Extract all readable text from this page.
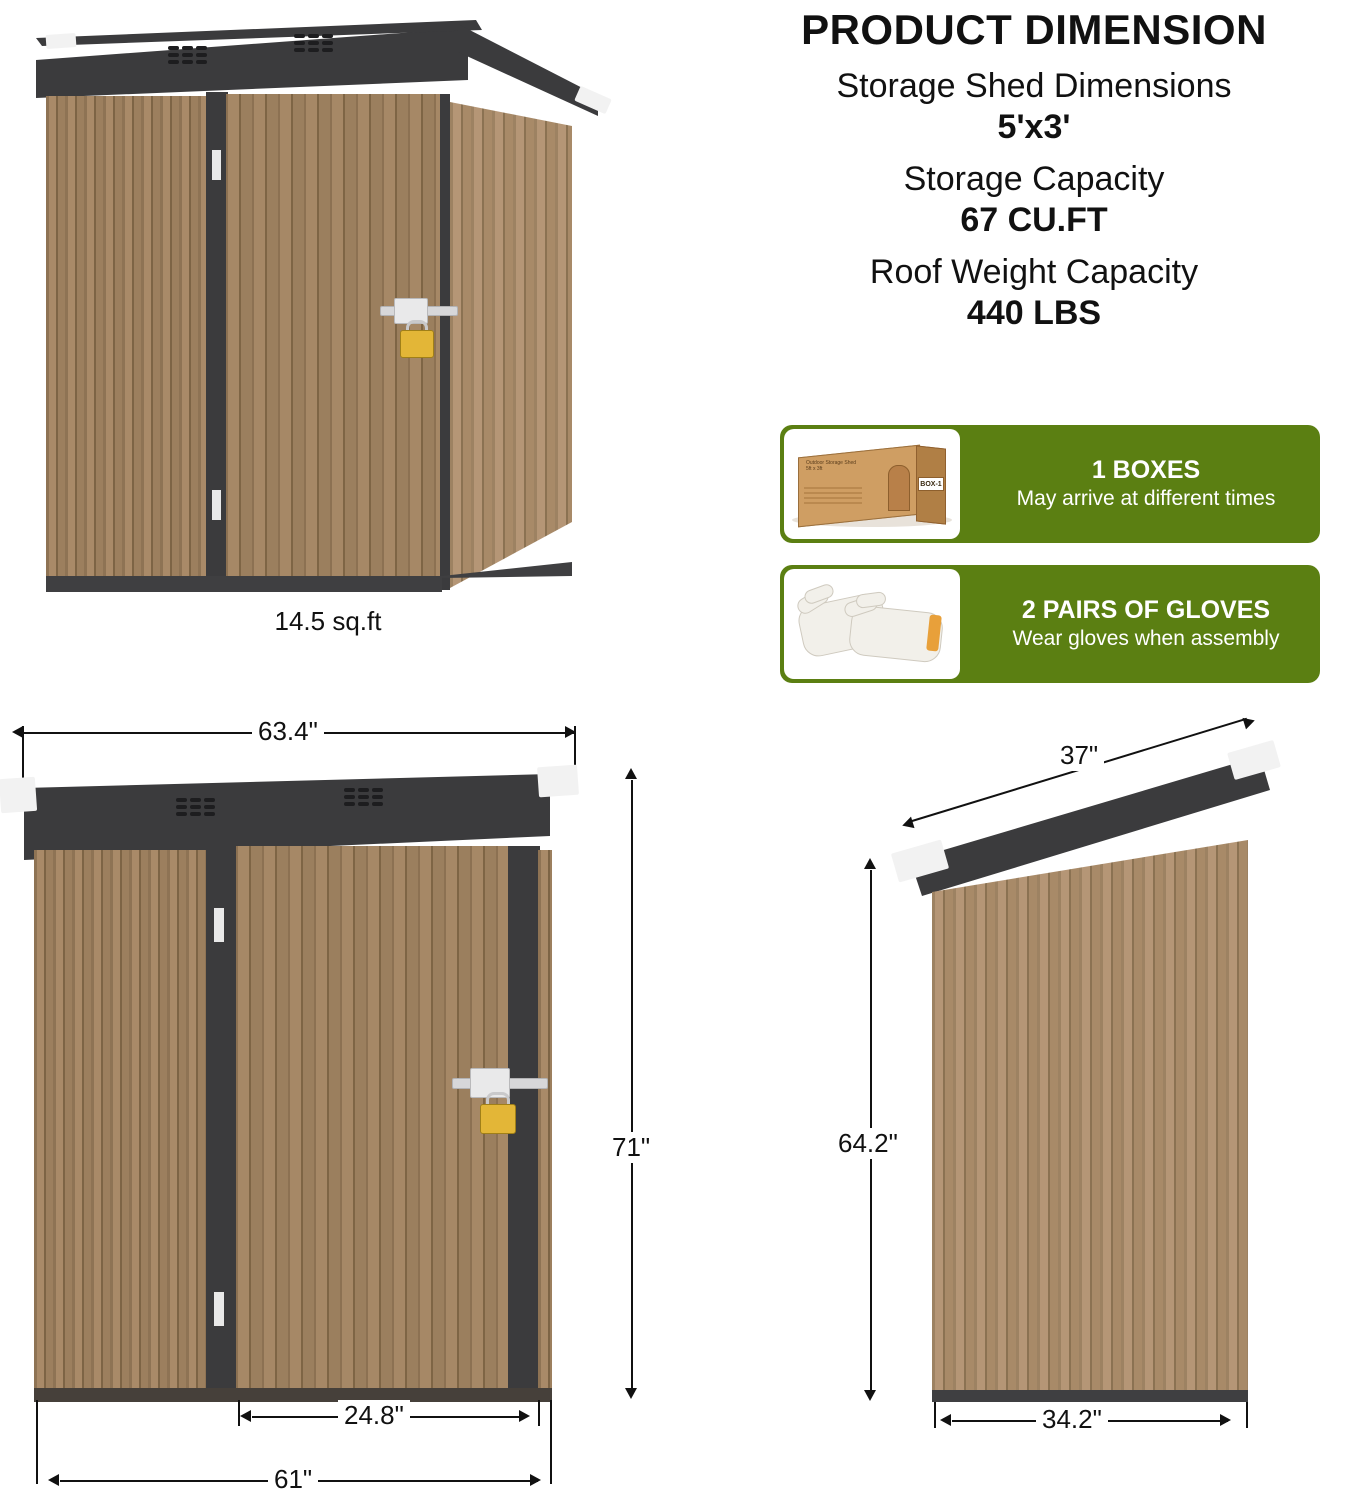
PRODUCT DIMENSION
Storage Shed Dimensions
5'x3'
Storage Capacity
67 CU.FT
Roof Weight Capacity
440 LBS
Outdoor Storage Shed
5ft x 3ft
BOX-1
1 BOXES
May arrive at different times
2 PAIRS OF GLOVES
Wear gloves when assembly
14.5 sq.ft
63.4"
71"
24.8"
61"
37"
64.2"
34.2"
